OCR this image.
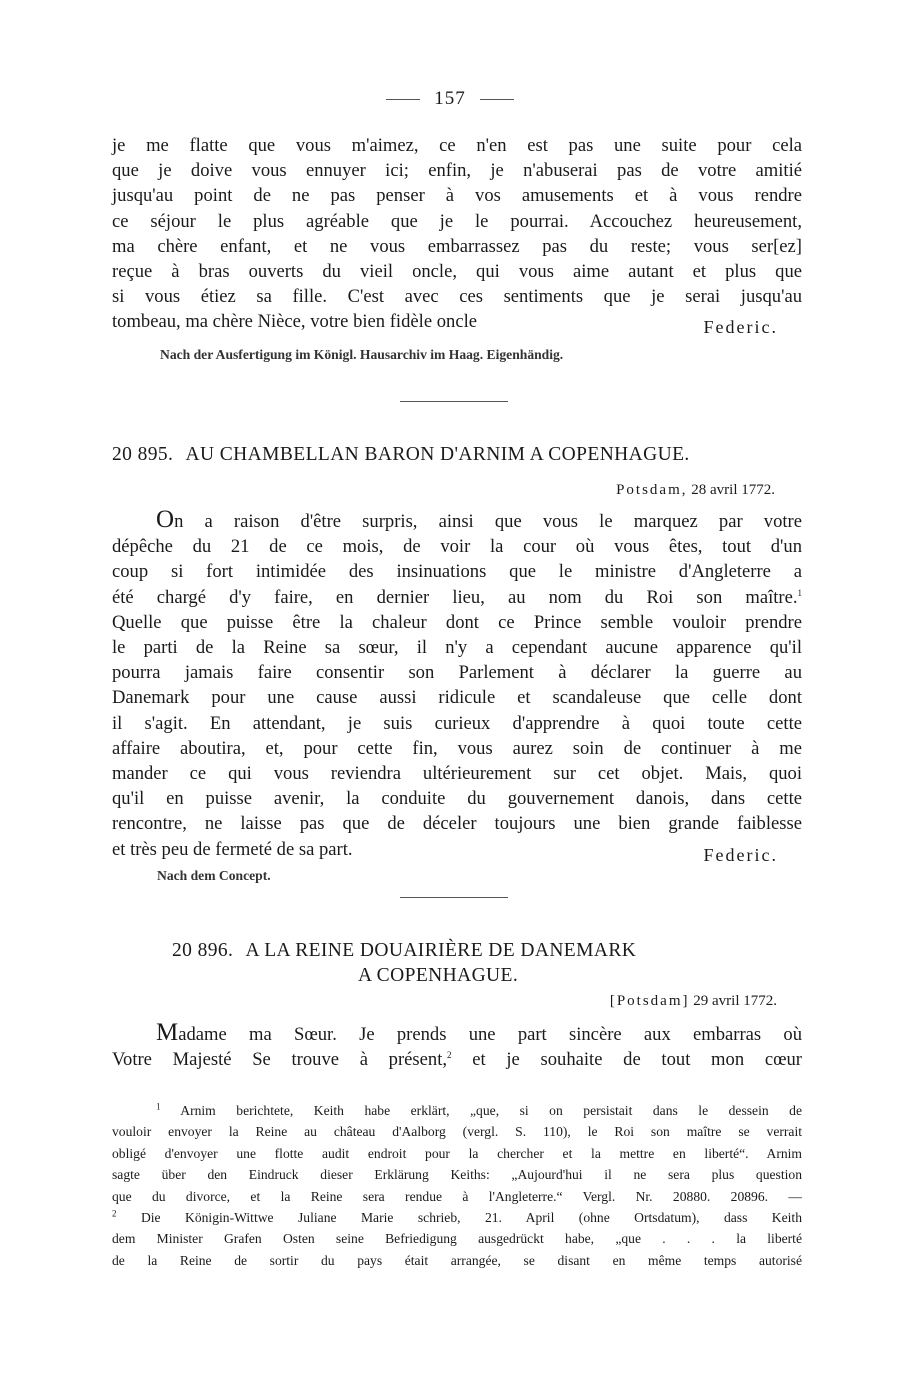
157
je me flatte que vous m'aimez, ce n'en est pas une suite pour cela
que je doive vous ennuyer ici; enfin, je n'abuserai pas de votre amitié
jusqu'au point de ne pas penser à vos amusements et à vous rendre
ce séjour le plus agréable que je le pourrai. Accouchez heureusement,
ma chère enfant, et ne vous embarrassez pas du reste; vous ser[ez]
reçue à bras ouverts du vieil oncle, qui vous aime autant et plus que
si vous étiez sa fille. C'est avec ces sentiments que je serai jusqu'au
tombeau, ma chère Nièce, votre bien fidèle oncle	Federic.
Nach der Ausfertigung im Königl. Hausarchiv im Haag. Eigenhändig.
20 895. AU CHAMBELLAN BARON D'ARNIM A COPENHAGUE.
Potsdam, 28 avril 1772.
On a raison d'être surpris, ainsi que vous le marquez par votre
dépêche du 21 de ce mois, de voir la cour où vous êtes, tout d'un
coup si fort intimidée des insinuations que le ministre d'Angleterre a
été chargé d'y faire, en dernier lieu, au nom du Roi son maître.$^1$
Quelle que puisse être la chaleur dont ce Prince semble vouloir prendre
le parti de la Reine sa sœur, il n'y a cependant aucune apparence qu'il
pourra jamais faire consentir son Parlement à déclarer la guerre au
Danemark pour une cause aussi ridicule et scandaleuse que celle dont
il s'agit. En attendant, je suis curieux d'apprendre à quoi toute cette
affaire aboutira, et, pour cette fin, vous aurez soin de continuer à me
mander ce qui vous reviendra ultérieurement sur cet objet. Mais, quoi
qu'il en puisse avenir, la conduite du gouvernement danois, dans cette
rencontre, ne laisse pas que de déceler toujours une bien grande faiblesse
et très peu de fermeté de sa part.	Federic.
Nach dem Concept.
20 896. A LA REINE DOUAIRIÈRE DE DANEMARK
A COPENHAGUE.
[Potsdam] 29 avril 1772.
Madame ma Sœur. Je prends une part sincère aux embarras où
Votre Majesté Se trouve à présent,$^2$ et je souhaite de tout mon cœur
$^1$ Arnim berichtete, Keith habe erklärt, „que, si on persistait dans le dessein de
vouloir envoyer la Reine au château d'Aalborg (vergl. S. 110), le Roi son maître se verrait
obligé d'envoyer une flotte audit endroit pour la chercher et la mettre en liberté“. Arnim
sagte über den Eindruck dieser Erklärung Keiths: „Aujourd'hui il ne sera plus question
que du divorce, et la Reine sera rendue à l'Angleterre.“ Vergl. Nr. 20880. 20896. —
$^2$ Die Königin-Wittwe Juliane Marie schrieb, 21. April (ohne Ortsdatum), dass Keith
dem Minister Grafen Osten seine Befriedigung ausgedrückt habe, „que . . . la liberté
de la Reine de sortir du pays était arrangée, se disant en même temps autorisé
